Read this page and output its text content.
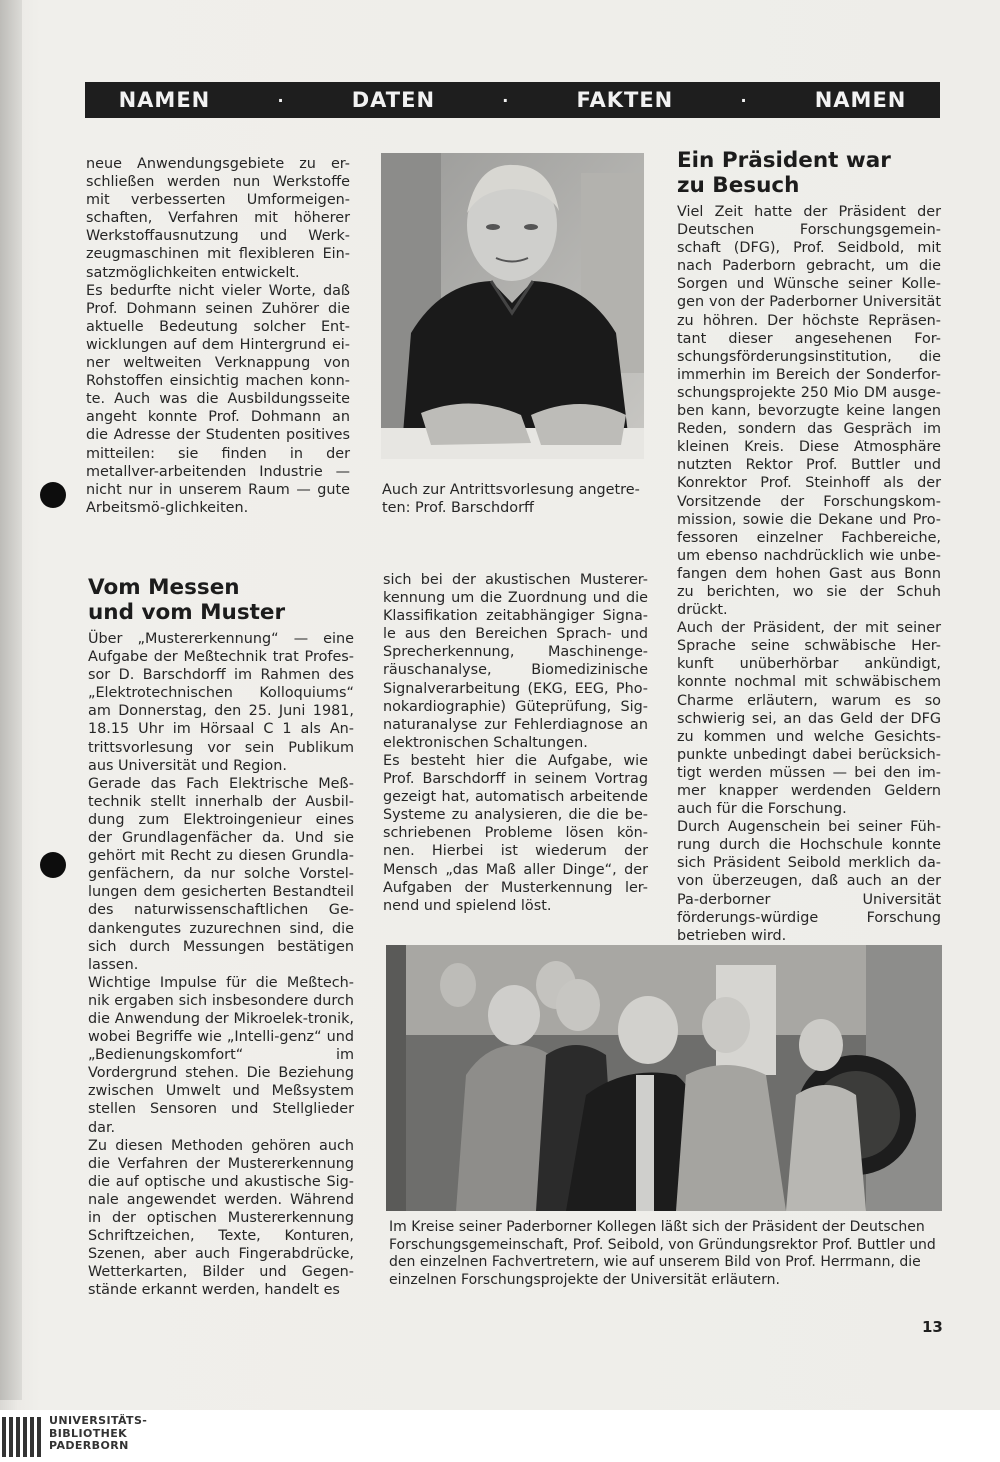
NAMEN	·	DATEN	·	FAKTEN	·	NAMEN

neue Anwendungsgebiete zu er-schließen werden nun Werkstoffe mit verbesserten Umformeigen-schaften, Verfahren mit höherer Werkstoffausnutzung und Werk-zeugmaschinen mit flexibleren Ein-satzmöglichkeiten entwickelt.

Es bedurfte nicht vieler Worte, daß Prof. Dohmann seinen Zuhörer die aktuelle Bedeutung solcher Ent-wicklungen auf dem Hintergrund ei-ner weltweiten Verknappung von Rohstoffen einsichtig machen konn-te. Auch was die Ausbildungsseite angeht konnte Prof. Dohmann an die Adresse der Studenten positives mitteilen: sie finden in der metallver-arbeitenden Industrie — nicht nur in unserem Raum — gute Arbeitsmö-glichkeiten.

Auch zur Antrittsvorlesung angetre-ten: Prof. Barschdorff
Ein Präsident war
zu Besuch

Viel Zeit hatte der Präsident der Deutschen Forschungsgemein-schaft (DFG), Prof. Seidbold, mit nach Paderborn gebracht, um die Sorgen und Wünsche seiner Kolle-gen von der Paderborner Universität zu höhren. Der höchste Repräsen-tant dieser angesehenen For-schungsförderungsinstitution, die immerhin im Bereich der Sonderfor-schungsprojekte 250 Mio DM ausge-ben kann, bevorzugte keine langen Reden, sondern das Gespräch im kleinen Kreis. Diese Atmosphäre nutzten Rektor Prof. Buttler und Konrektor Prof. Steinhoff als der Vorsitzende der Forschungskom-mission, sowie die Dekane und Pro-fessoren einzelner Fachbereiche, um ebenso nachdrücklich wie unbe-fangen dem hohen Gast aus Bonn zu berichten, wo sie der Schuh drückt.

Auch der Präsident, der mit seiner Sprache seine schwäbische Her-kunft unüberhörbar ankündigt, konnte nochmal mit schwäbischem Charme erläutern, warum es so schwierig sei, an das Geld der DFG zu kommen und welche Gesichts-punkte unbedingt dabei berücksich-tigt werden müssen — bei den im-mer knapper werdenden Geldern auch für die Forschung.

Durch Augenschein bei seiner Füh-rung durch die Hochschule konnte sich Präsident Seibold merklich da-von überzeugen, daß auch an der Pa-derborner Universität förderungs-würdige Forschung betrieben wird.

Vom Messen
und vom Muster

Über „Mustererkennung“ — eine Aufgabe der Meßtechnik trat Profes-sor D. Barschdorff im Rahmen des „Elektrotechnischen Kolloquiums“ am Donnerstag, den 25. Juni 1981, 18.15 Uhr im Hörsaal C 1 als An-trittsvorlesung vor sein Publikum aus Universität und Region.

Gerade das Fach Elektrische Meß-technik stellt innerhalb der Ausbil-dung zum Elektroingenieur eines der Grundlagenfächer da. Und sie gehört mit Recht zu diesen Grundla-genfächern, da nur solche Vorstel-lungen dem gesicherten Bestandteil des naturwissenschaftlichen Ge-dankengutes zuzurechnen sind, die sich durch Messungen bestätigen lassen.

Wichtige Impulse für die Meßtech-nik ergaben sich insbesondere durch die Anwendung der Mikroelek-tronik, wobei Begriffe wie „Intelli-genz“ und „Bedienungskomfort“ im Vordergrund stehen. Die Beziehung zwischen Umwelt und Meßsystem stellen Sensoren und Stellglieder dar.

Zu diesen Methoden gehören auch die Verfahren der Mustererkennung die auf optische und akustische Sig-nale angewendet werden. Während in der optischen Mustererkennung Schriftzeichen, Texte, Konturen, Szenen, aber auch Fingerabdrücke, Wetterkarten, Bilder und Gegen-stände erkannt werden, handelt es

sich bei der akustischen Musterer-kennung um die Zuordnung und die Klassifikation zeitabhängiger Signa-le aus den Bereichen Sprach- und Sprecherkennung, Maschinenge-räuschanalyse, Biomedizinische Signalverarbeitung (EKG, EEG, Pho-nokardiographie) Güteprüfung, Sig-naturanalyse zur Fehlerdiagnose an elektronischen Schaltungen.

Es besteht hier die Aufgabe, wie Prof. Barschdorff in seinem Vortrag gezeigt hat, automatisch arbeitende Systeme zu analysieren, die die be-schriebenen Probleme lösen kön-nen. Hierbei ist wiederum der Mensch „das Maß aller Dinge“, der Aufgaben der Musterkennung ler-nend und spielend löst.

Im Kreise seiner Paderborner Kollegen läßt sich der Präsident der Deutschen Forschungsgemeinschaft, Prof. Seibold, von Gründungsrektor Prof. Buttler und den einzelnen Fachvertretern, wie auf unserem Bild von Prof. Herrmann, die einzelnen Forschungsprojekte der Universität erläutern.
13
UNIVERSITÄTS-
BIBLIOTHEK
PADERBORN
